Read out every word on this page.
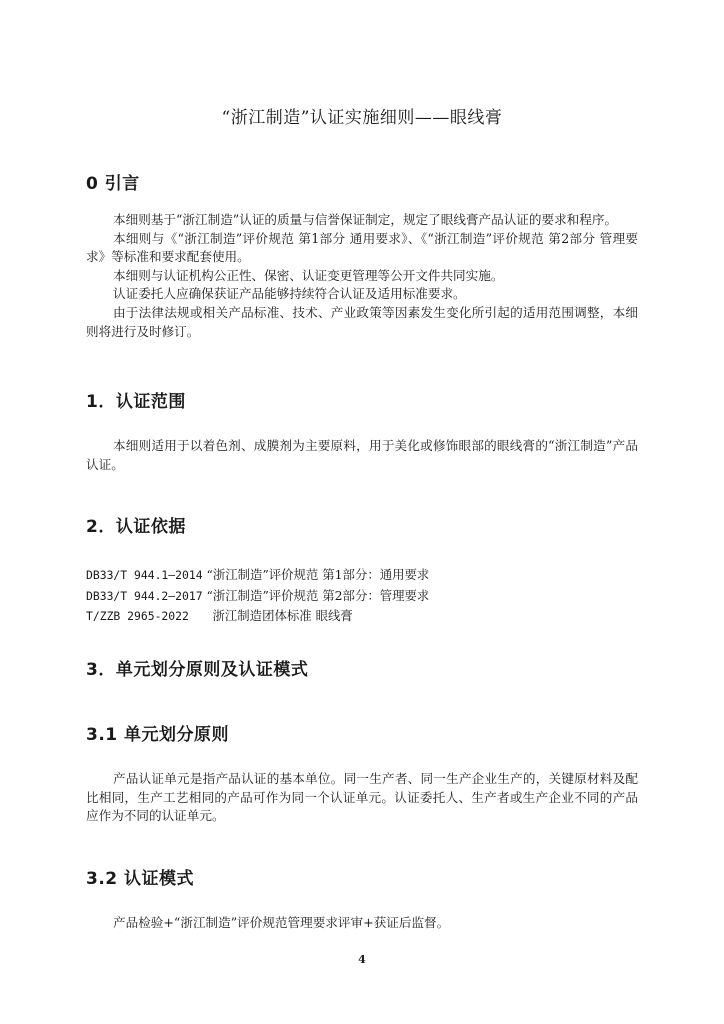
“浙江制造”认证实施细则——眼线膏
0 引言
本细则基于“浙江制造”认证的质量与信誉保证制定，规定了眼线膏产品认证的要求和程序。
本细则与《“浙江制造”评价规范 第1部分 通用要求》、《“浙江制造”评价规范 第2部分 管理要求》等标准和要求配套使用。
本细则与认证机构公正性、保密、认证变更管理等公开文件共同实施。
认证委托人应确保获证产品能够持续符合认证及适用标准要求。
由于法律法规或相关产品标准、技术、产业政策等因素发生变化所引起的适用范围调整，本细则将进行及时修订。
1．认证范围
本细则适用于以着色剂、成膜剂为主要原料，用于美化或修饰眼部的眼线膏的“浙江制造”产品认证。
2．认证依据
DB33/T 944.1—2014 “浙江制造”评价规范 第1部分：通用要求
DB33/T 944.2—2017 “浙江制造”评价规范 第2部分：管理要求
T/ZZB 2965-2022 浙江制造团体标准 眼线膏
3．单元划分原则及认证模式
3.1 单元划分原则
产品认证单元是指产品认证的基本单位。同一生产者、同一生产企业生产的，关键原材料及配比相同，生产工艺相同的产品可作为同一个认证单元。认证委托人、生产者或生产企业不同的产品应作为不同的认证单元。
3.2 认证模式
产品检验+“浙江制造”评价规范管理要求评审+获证后监督。
4
